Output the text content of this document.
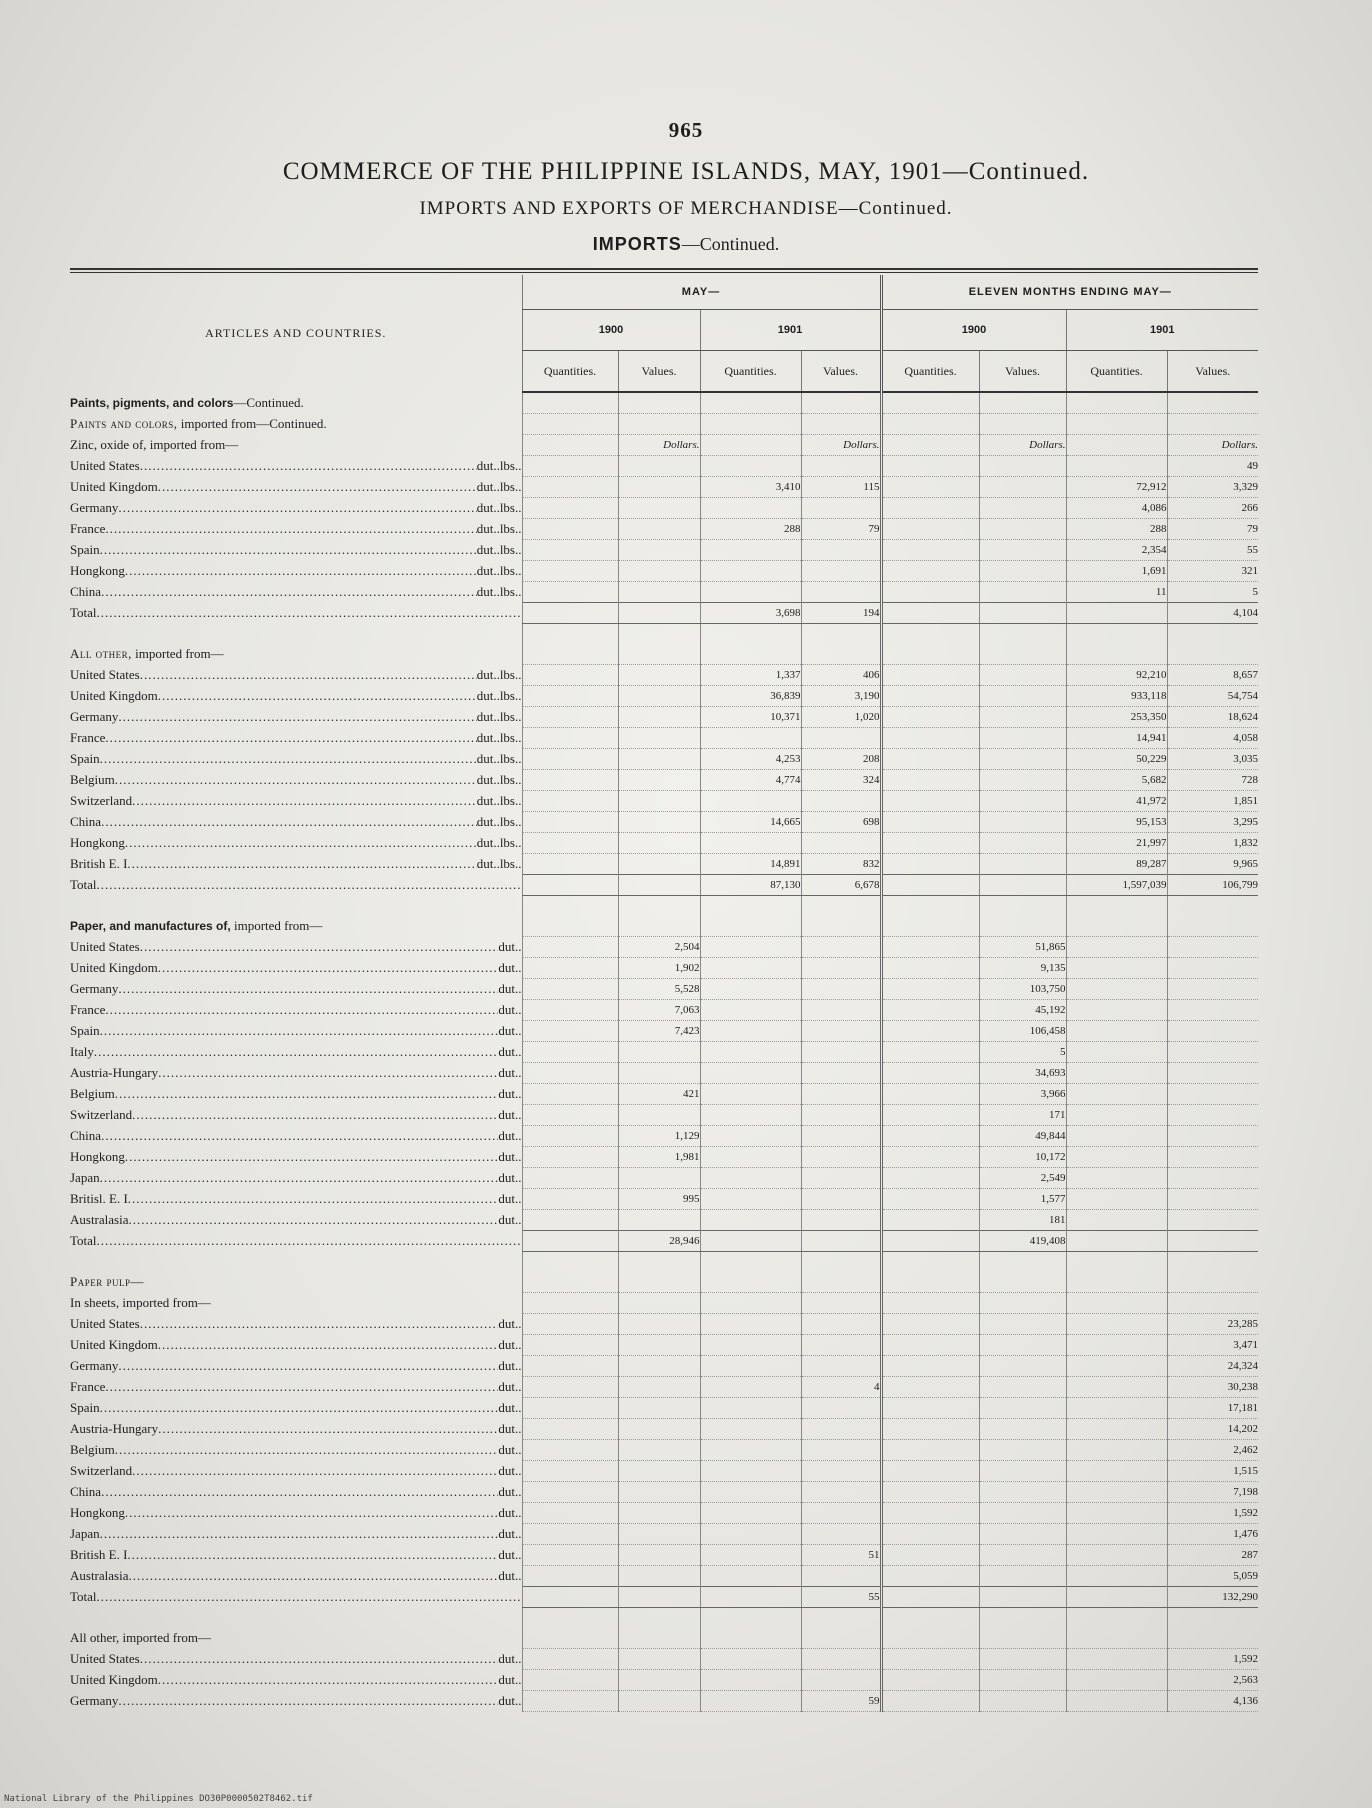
965
COMMERCE OF THE PHILIPPINE ISLANDS, MAY, 1901—Continued.
IMPORTS AND EXPORTS OF MERCHANDISE—Continued.
IMPORTS—Continued.
ARTICLES AND COUNTRIES.	MAY—				ELEVEN MONTHS ENDING MAY—			
	1900		1901		1900		1901	
	Quantities.	Values.	Quantities.	Values.	Quantities.	Values.	Quantities.	Values.
Paints, pigments, and colors—Continued.								
Paints and colors, imported from—Continued.								
Zinc, oxide of, imported from—		Dollars.		Dollars.		Dollars.		Dollars.

United States ..... dut..lbs..								49

United Kingdom ..... dut..lbs..			3,410	115			72,912	3,329

Germany ..... dut..lbs..							4,086	266

France ..... dut..lbs..			288	79			288	79

Spain ..... dut..lbs..							2,354	55

Hongkong ..... dut..lbs..							1,691	321

China ..... dut..lbs..							11	5

Total
.....			3,698	194				4,104

All other, imported from—								

United States ..... dut..lbs..			1,337	406			92,210	8,657

United Kingdom ..... dut..lbs..			36,839	3,190			933,118	54,754

Germany ..... dut..lbs..			10,371	1,020			253,350	18,624

France ..... dut..lbs..							14,941	4,058

Spain ..... dut..lbs..			4,253	208			50,229	3,035

Belgium ..... dut..lbs..			4,774	324			5,682	728

Switzerland ..... dut..lbs..							41,972	1,851

China ..... dut..lbs..			14,665	698			95,153	3,295

Hongkong ..... dut..lbs..							21,997	1,832

British E. I ..... dut..lbs..			14,891	832			89,287	9,965

Total
.....			87,130	6,678			1,597,039	106,799

Paper, and manufactures of, imported from—								

United States ..... dut..		2,504				51,865		

United Kingdom ..... dut..		1,902				9,135		

Germany ..... dut..		5,528				103,750		

France ..... dut..		7,063				45,192		

Spain ..... dut..		7,423				106,458		

Italy ..... dut..						5		

Austria-Hungary ..... dut..						34,693		

Belgium ..... dut..		421				3,966		

Switzerland ..... dut..						171		

China ..... dut..		1,129				49,844		

Hongkong ..... dut..		1,981				10,172		

Japan ..... dut..						2,549		

Britisl. E. I ..... dut..		995				1,577		

Australasia ..... dut..						181		

Total
.....		28,946				419,408		

Paper pulp—								
In sheets, imported from—								

United States ..... dut..								23,285

United Kingdom ..... dut..								3,471

Germany ..... dut..								24,324

France ..... dut..				4				30,238

Spain ..... dut..								17,181

Austria-Hungary ..... dut..								14,202

Belgium ..... dut..								2,462

Switzerland ..... dut..								1,515

China ..... dut..								7,198

Hongkong ..... dut..								1,592

Japan ..... dut..								1,476

British E. I ..... dut..				51				287

Australasia ..... dut..								5,059

Total
.....				55				132,290

All other, imported from—								

United States ..... dut..								1,592

United Kingdom ..... dut..								2,563

Germany ..... dut..				59				4,136
National Library of the Philippines DO30P0000502T8462.tif
